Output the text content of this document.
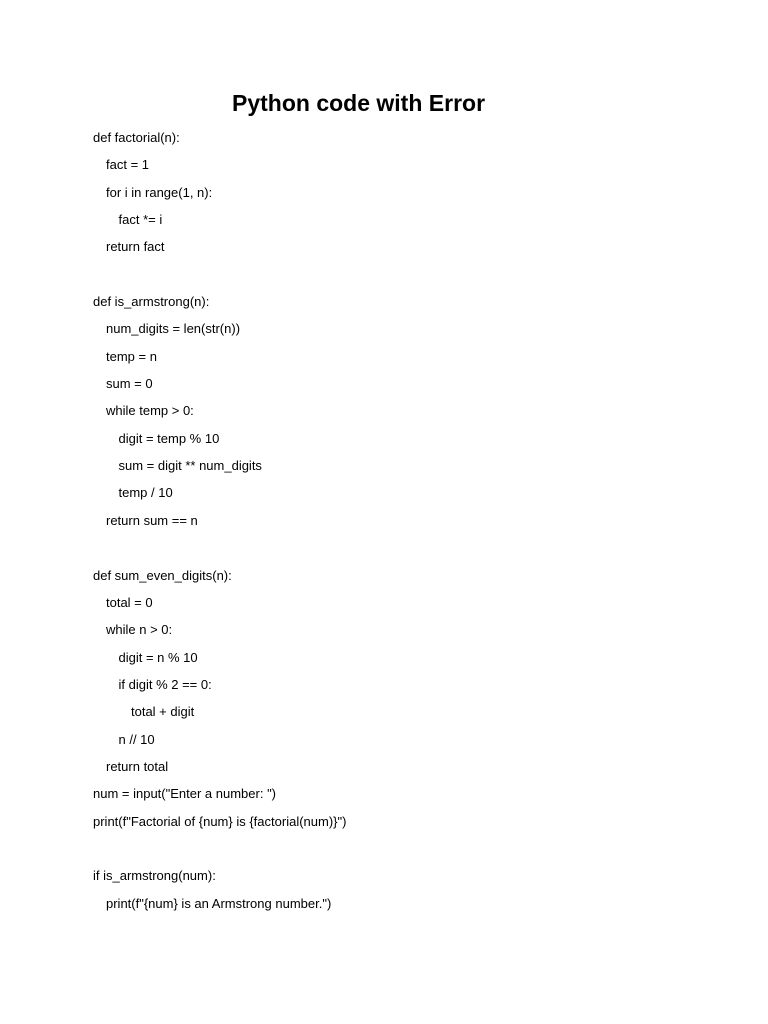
Python code with Error
def factorial(n):
fact = 1
for i in range(1, n):
fact *= i
return fact
def is_armstrong(n):
num_digits = len(str(n))
temp = n
sum = 0
while temp > 0:
digit = temp % 10
sum = digit ** num_digits
temp / 10
return sum == n
def sum_even_digits(n):
total = 0
while n > 0:
digit = n % 10
if digit % 2 == 0:
total + digit
n // 10
return total
num = input("Enter a number: ")
print(f"Factorial of {num} is {factorial(num)}")
if is_armstrong(num):
print(f"{num} is an Armstrong number.")
